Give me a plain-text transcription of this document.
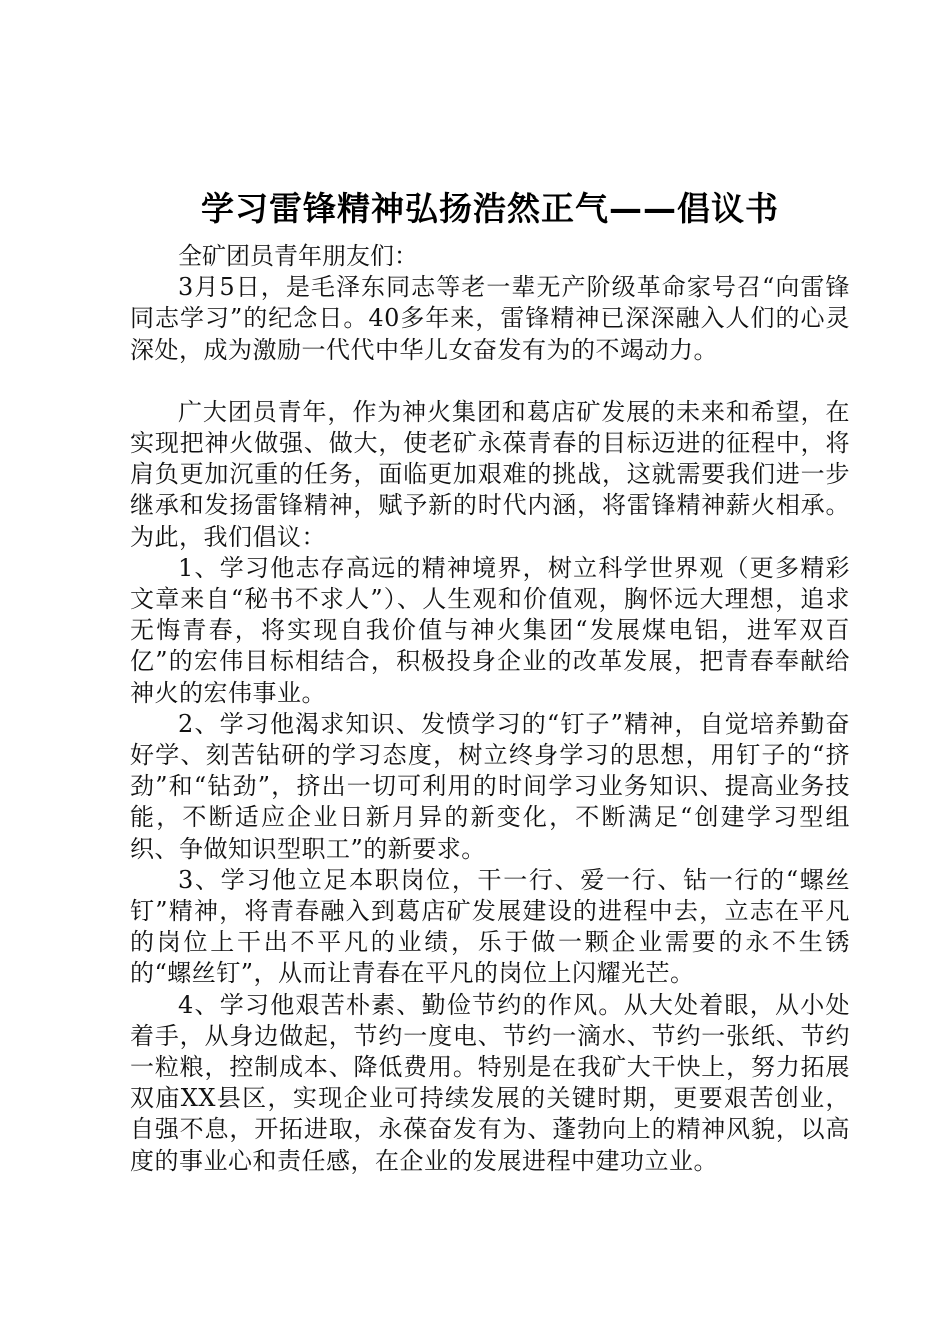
学习雷锋精神弘扬浩然正气——倡议书

全矿团员青年朋友们：

3月5日，是毛泽东同志等老一辈无产阶级革命家号召“向雷锋同志学习”的纪念日。40多年来，雷锋精神已深深融入人们的心灵深处，成为激励一代代中华儿女奋发有为的不竭动力。

广大团员青年，作为神火集团和葛店矿发展的未来和希望，在实现把神火做强、做大，使老矿永葆青春的目标迈进的征程中，将肩负更加沉重的任务，面临更加艰难的挑战，这就需要我们进一步继承和发扬雷锋精神，赋予新的时代内涵，将雷锋精神薪火相承。为此，我们倡议：

1、学习他志存高远的精神境界，树立科学世界观（更多精彩文章来自“秘书不求人”）、人生观和价值观，胸怀远大理想，追求无悔青春，将实现自我价值与神火集团“发展煤电铝，进军双百亿”的宏伟目标相结合，积极投身企业的改革发展，把青春奉献给神火的宏伟事业。

2、学习他渴求知识、发愤学习的“钉子”精神，自觉培养勤奋好学、刻苦钻研的学习态度，树立终身学习的思想，用钉子的“挤劲”和“钻劲”，挤出一切可利用的时间学习业务知识、提高业务技能，不断适应企业日新月异的新变化，不断满足“创建学习型组织、争做知识型职工”的新要求。

3、学习他立足本职岗位，干一行、爱一行、钻一行的“螺丝钉”精神，将青春融入到葛店矿发展建设的进程中去，立志在平凡的岗位上干出不平凡的业绩，乐于做一颗企业需要的永不生锈的“螺丝钉”，从而让青春在平凡的岗位上闪耀光芒。

4、学习他艰苦朴素、勤俭节约的作风。从大处着眼，从小处着手，从身边做起，节约一度电、节约一滴水、节约一张纸、节约一粒粮，控制成本、降低费用。特别是在我矿大干快上，努力拓展双庙XX县区，实现企业可持续发展的关键时期，更要艰苦创业，自强不息，开拓进取，永葆奋发有为、蓬勃向上的精神风貌，以高度的事业心和责任感，在企业的发展进程中建功立业。
